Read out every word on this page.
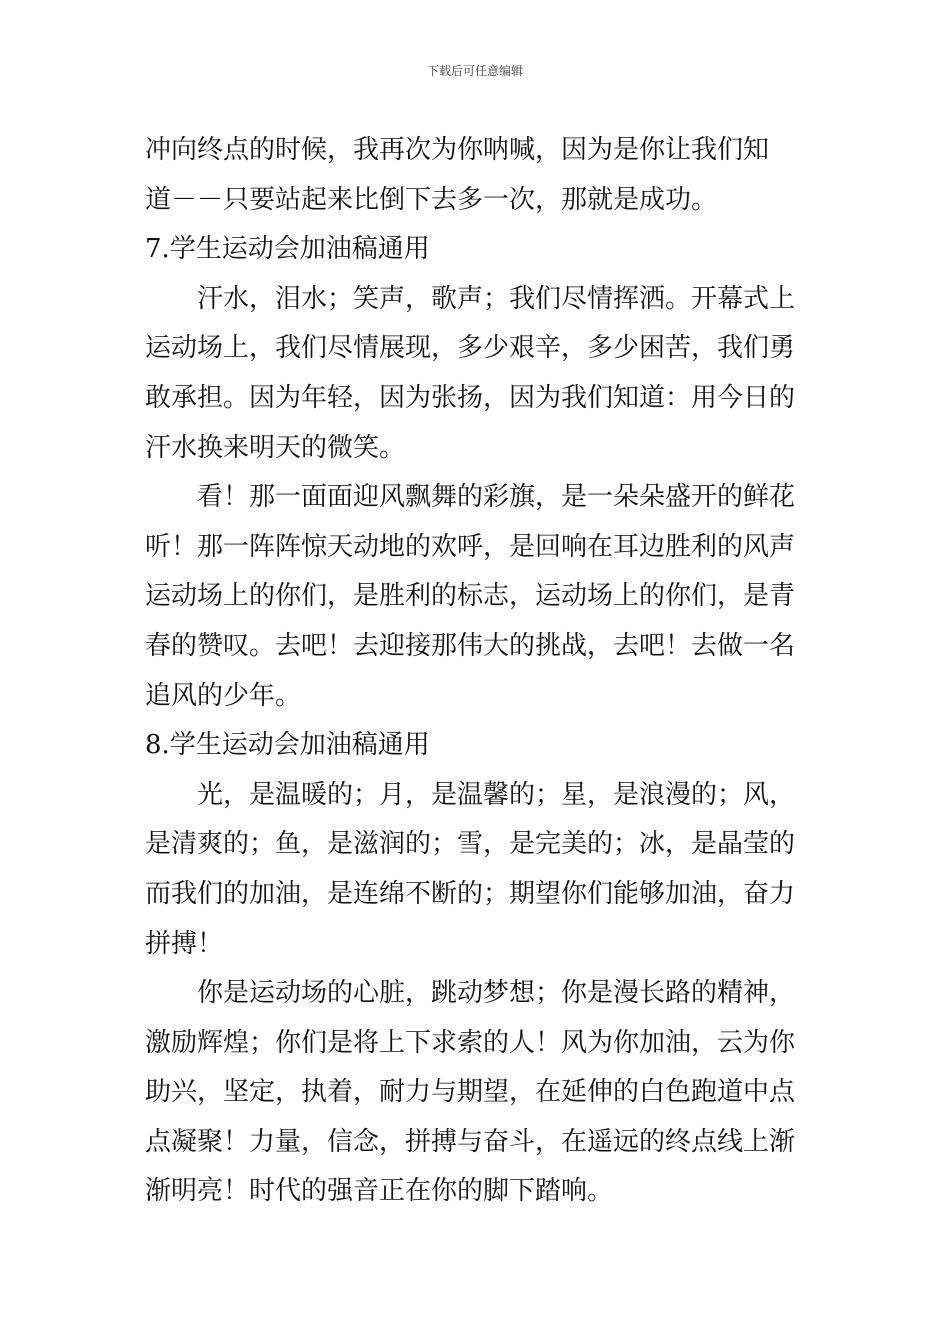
下载后可任意编辑
冲向终点的时候，我再次为你呐喊，因为是你让我们知
道－－只要站起来比倒下去多一次，那就是成功。
7.学生运动会加油稿通用
汗水，泪水；笑声，歌声；我们尽情挥洒。开幕式上
运动场上，我们尽情展现，多少艰辛，多少困苦，我们勇
敢承担。因为年轻，因为张扬，因为我们知道：用今日的
汗水换来明天的微笑。
看！那一面面迎风飘舞的彩旗，是一朵朵盛开的鲜花
听！那一阵阵惊天动地的欢呼，是回响在耳边胜利的风声
运动场上的你们，是胜利的标志，运动场上的你们，是青
春的赞叹。去吧！去迎接那伟大的挑战，去吧！去做一名
追风的少年。
8.学生运动会加油稿通用
光，是温暖的；月，是温馨的；星，是浪漫的；风，
是清爽的；鱼，是滋润的；雪，是完美的；冰，是晶莹的
而我们的加油，是连绵不断的；期望你们能够加油，奋力
拼搏！
你是运动场的心脏，跳动梦想；你是漫长路的精神，
激励辉煌；你们是将上下求索的人！风为你加油，云为你
助兴，坚定，执着，耐力与期望，在延伸的白色跑道中点
点凝聚！力量，信念，拼搏与奋斗，在遥远的终点线上渐
渐明亮！时代的强音正在你的脚下踏响。
